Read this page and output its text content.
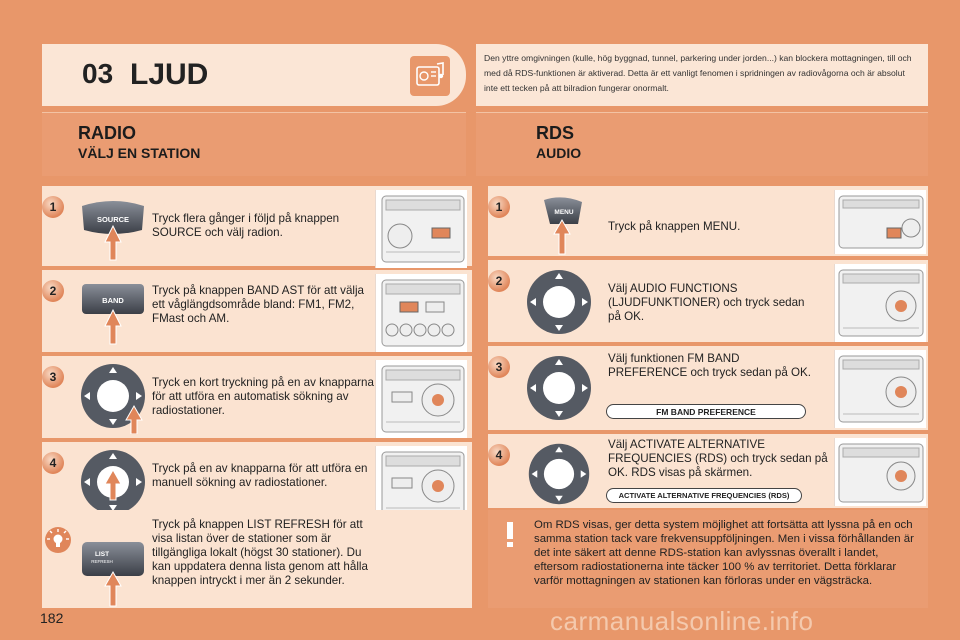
03 LJUD	Den yttre omgivningen (kulle, hög byggnad, tunnel, parkering under jorden...) kan blockera mottagningen, till och med då RDS-funktionen är aktiverad. Detta är ett vanligt fenomen i spridningen av radiovågorna och är absolut inte ett tecken på att bilradion fungerar onormalt.
RADIO
VÄLJ EN STATION
RDS
AUDIO
1
SOURCE Tryck flera gånger i följd på knappen SOURCE och välj radion.
2
BAND
Tryck på knappen BAND AST för att välja ett våglängdsområde bland: FM1, FM2, FMast och AM.
3	Tryck en kort tryckning på en av knapparna för att utföra en automatisk sökning av radiostationer.
4	Tryck på en av knapparna för att utföra en manuell sökning av radiostationer.
LIST
REFRESH
Tryck på knappen LIST REFRESH för att visa listan över de stationer som är tillgängliga lokalt (högst 30 stationer). Du kan uppdatera denna lista genom att hålla knappen intryckt i mer än 2 sekunder.
1	MENU
Tryck på knappen MENU.
2
Välj AUDIO FUNCTIONS (LJUDFUNKTIONER) och tryck sedan på OK.
3
Välj funktionen FM BAND PREFERENCE och tryck sedan på OK.
FM BAND PREFERENCE
4
Välj ACTIVATE ALTERNATIVE FREQUENCIES (RDS) och tryck sedan på OK. RDS visas på skärmen.
ACTIVATE ALTERNATIVE FREQUENCIES (RDS)
Om RDS visas, ger detta system möjlighet att fortsätta att lyssna på en och samma station tack vare frekvensuppföljningen. Men i vissa förhållanden är det inte säkert att denne RDS-station kan avlyssnas överallt i landet, eftersom radiostationerna inte täcker 100 % av territoriet. Detta förklarar varför mottagningen av stationen kan förloras under en vägsträcka.
182	carmanualsonline.info
